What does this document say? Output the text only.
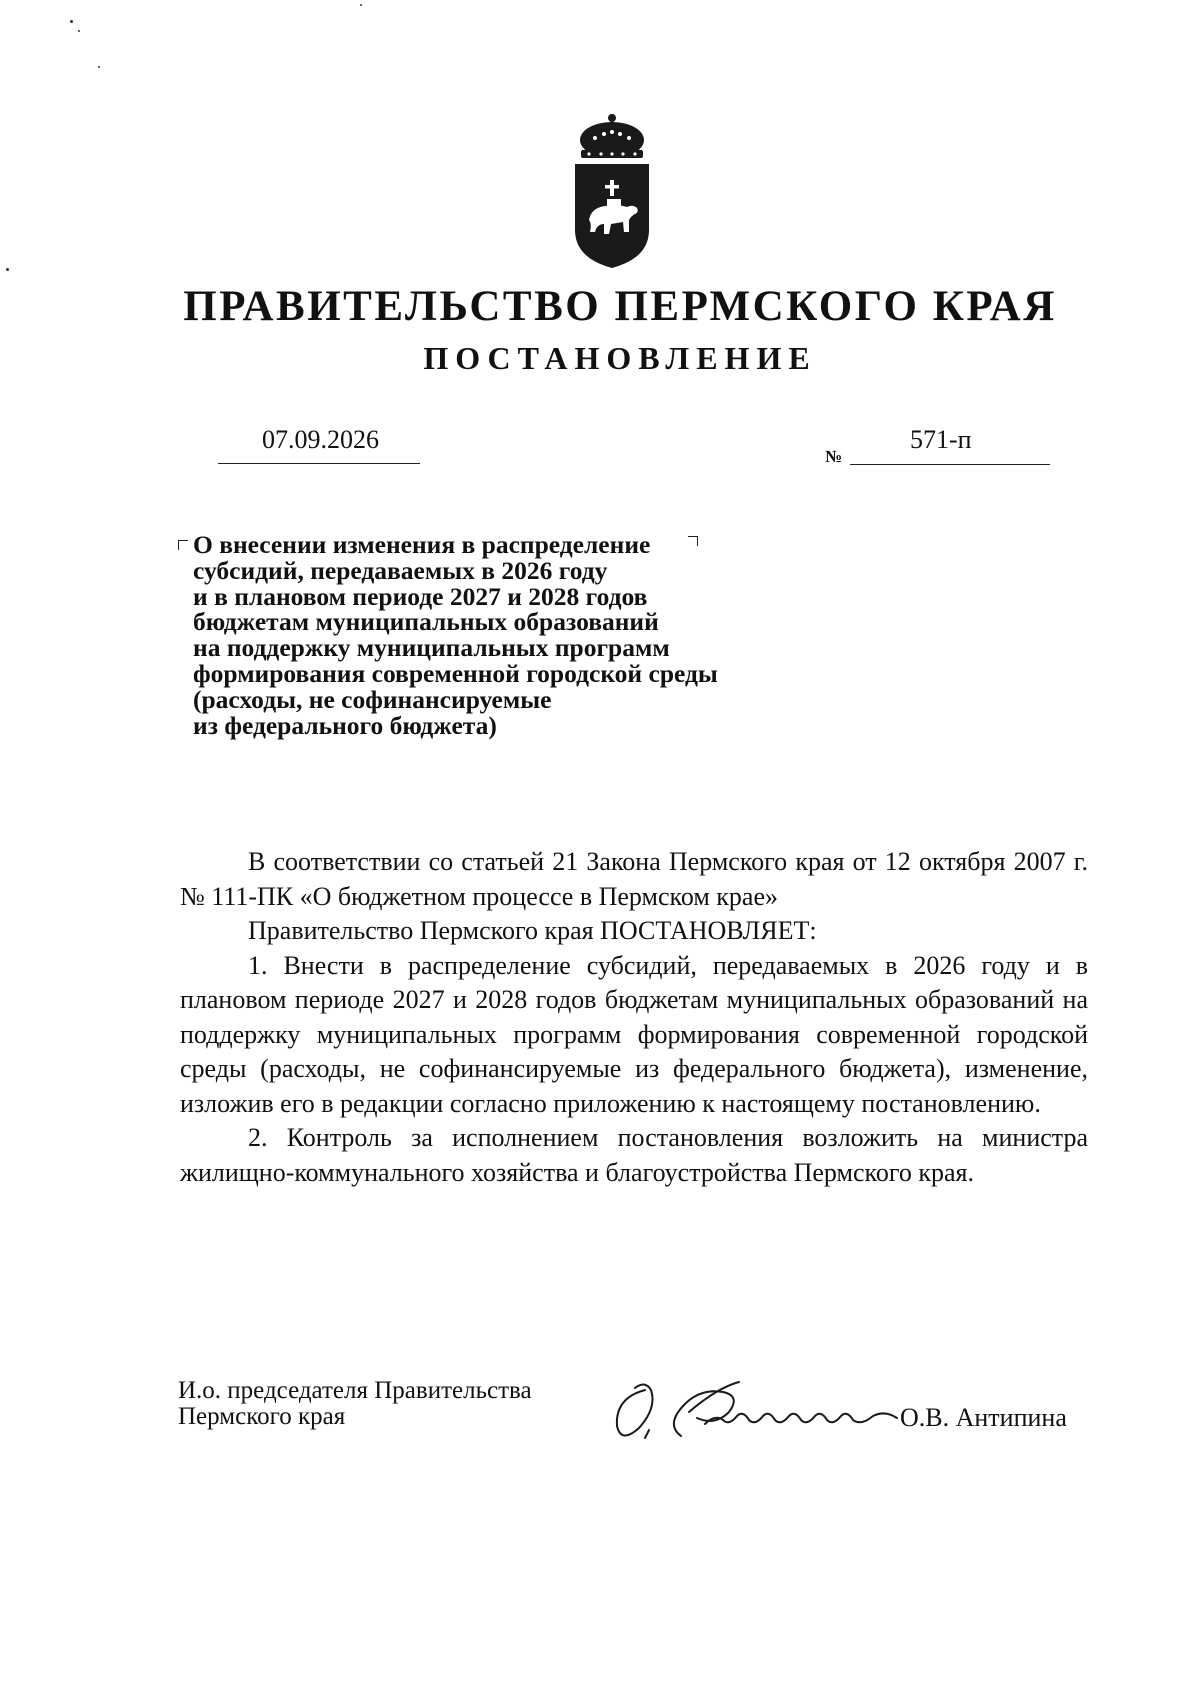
ПРАВИТЕЛЬСТВО ПЕРМСКОГО КРАЯ
ПОСТАНОВЛЕНИЕ
07.09.2026
№
571-п
О внесении изменения в распределение
субсидий, передаваемых в 2026 году
и в плановом периоде 2027 и 2028 годов
бюджетам муниципальных образований
на поддержку муниципальных программ
формирования современной городской среды
(расходы, не софинансируемые
из федерального бюджета)

В соответствии со статьей 21 Закона Пермского края от 12 октября 2007 г. № 111-ПК «О бюджетном процессе в Пермском крае»

Правительство Пермского края ПОСТАНОВЛЯЕТ:

1. Внести в распределение субсидий, передаваемых в 2026 году и в плановом периоде 2027 и 2028 годов бюджетам муниципальных образований на поддержку муниципальных программ формирования современной городской среды (расходы, не софинансируемые из федерального бюджета), изменение, изложив его в редакции согласно приложению к настоящему постановлению.

2. Контроль за исполнением постановления возложить на министра жилищно-коммунального хозяйства и благоустройства Пермского края.

И.о. председателя Правительства
Пермского края	О.В. Антипина
